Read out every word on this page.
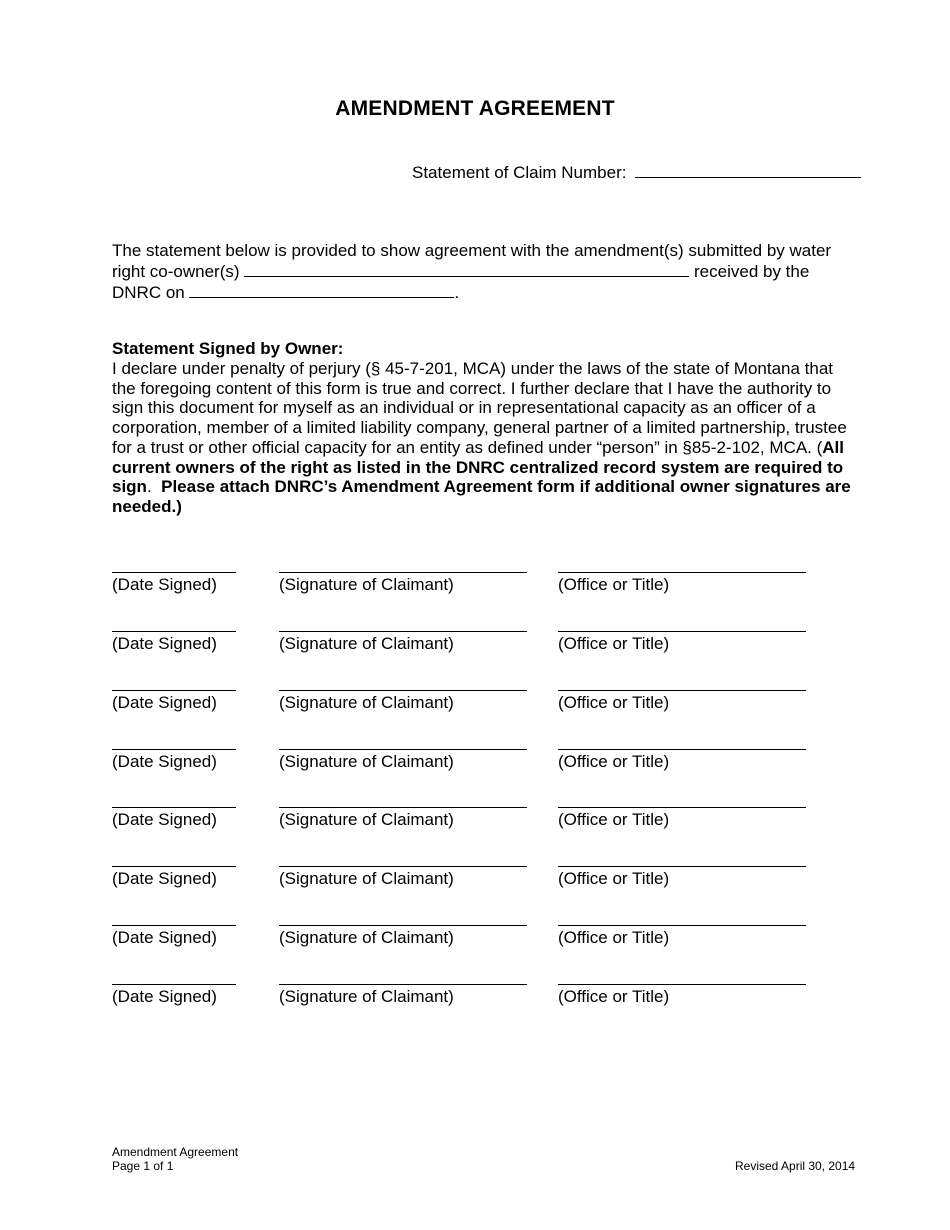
AMENDMENT AGREEMENT
Statement of Claim Number:
The statement below is provided to show agreement with the amendment(s) submitted by water
right co-owner(s)	received by the
DNRC on	.
Statement Signed by Owner:
I declare under penalty of perjury (§ 45-7-201, MCA) under the laws of the state of Montana that
the foregoing content of this form is true and correct. I further declare that I have the authority to
sign this document for myself as an individual or in representational capacity as an officer of a
corporation, member of a limited liability company, general partner of a limited partnership, trustee
for a trust or other official capacity for an entity as defined under “person” in §85-2-102, MCA. (All
current owners of the right as listed in the DNRC centralized record system are required to
sign.  Please attach DNRC’s Amendment Agreement form if additional owner signatures are
needed.)
(Date Signed)	(Signature of Claimant)	(Office or Title)
(Date Signed)	(Signature of Claimant)	(Office or Title)
(Date Signed)	(Signature of Claimant)	(Office or Title)
(Date Signed)	(Signature of Claimant)	(Office or Title)
(Date Signed)	(Signature of Claimant)	(Office or Title)
(Date Signed)	(Signature of Claimant)	(Office or Title)
(Date Signed)	(Signature of Claimant)	(Office or Title)
(Date Signed)	(Signature of Claimant)	(Office or Title)
Amendment Agreement
Page 1 of 1	Revised April 30, 2014
